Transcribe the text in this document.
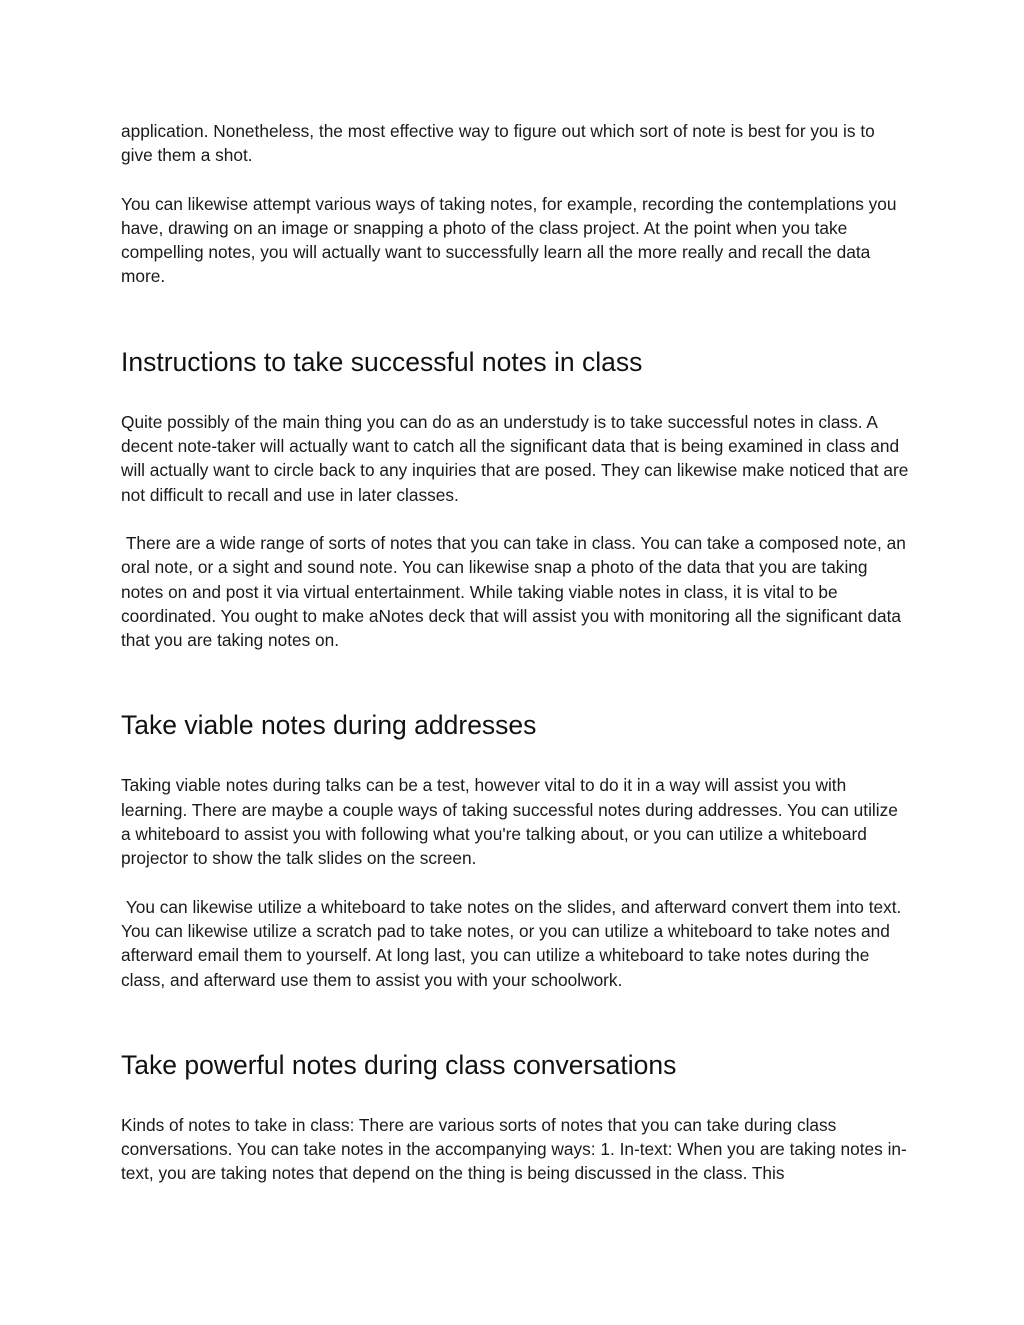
application. Nonetheless, the most effective way to figure out which sort of note is best for you is to give them a shot.

You can likewise attempt various ways of taking notes, for example, recording the contemplations you have, drawing on an image or snapping a photo of the class project. At the point when you take compelling notes, you will actually want to successfully learn all the more really and recall the data more.

Instructions to take successful notes in class

Quite possibly of the main thing you can do as an understudy is to take successful notes in class. A decent note-taker will actually want to catch all the significant data that is being examined in class and will actually want to circle back to any inquiries that are posed. They can likewise make noticed that are not difficult to recall and use in later classes.

There are a wide range of sorts of notes that you can take in class. You can take a composed note, an oral note, or a sight and sound note. You can likewise snap a photo of the data that you are taking notes on and post it via virtual entertainment. While taking viable notes in class, it is vital to be coordinated. You ought to make aNotes deck that will assist you with monitoring all the significant data that you are taking notes on.

Take viable notes during addresses

Taking viable notes during talks can be a test, however vital to do it in a way will assist you with learning. There are maybe a couple ways of taking successful notes during addresses. You can utilize a whiteboard to assist you with following what you're talking about, or you can utilize a whiteboard projector to show the talk slides on the screen.

You can likewise utilize a whiteboard to take notes on the slides, and afterward convert them into text. You can likewise utilize a scratch pad to take notes, or you can utilize a whiteboard to take notes and afterward email them to yourself. At long last, you can utilize a whiteboard to take notes during the class, and afterward use them to assist you with your schoolwork.

Take powerful notes during class conversations

Kinds of notes to take in class: There are various sorts of notes that you can take during class conversations. You can take notes in the accompanying ways: 1. In-text: When you are taking notes in-text, you are taking notes that depend on the thing is being discussed in the class. This
